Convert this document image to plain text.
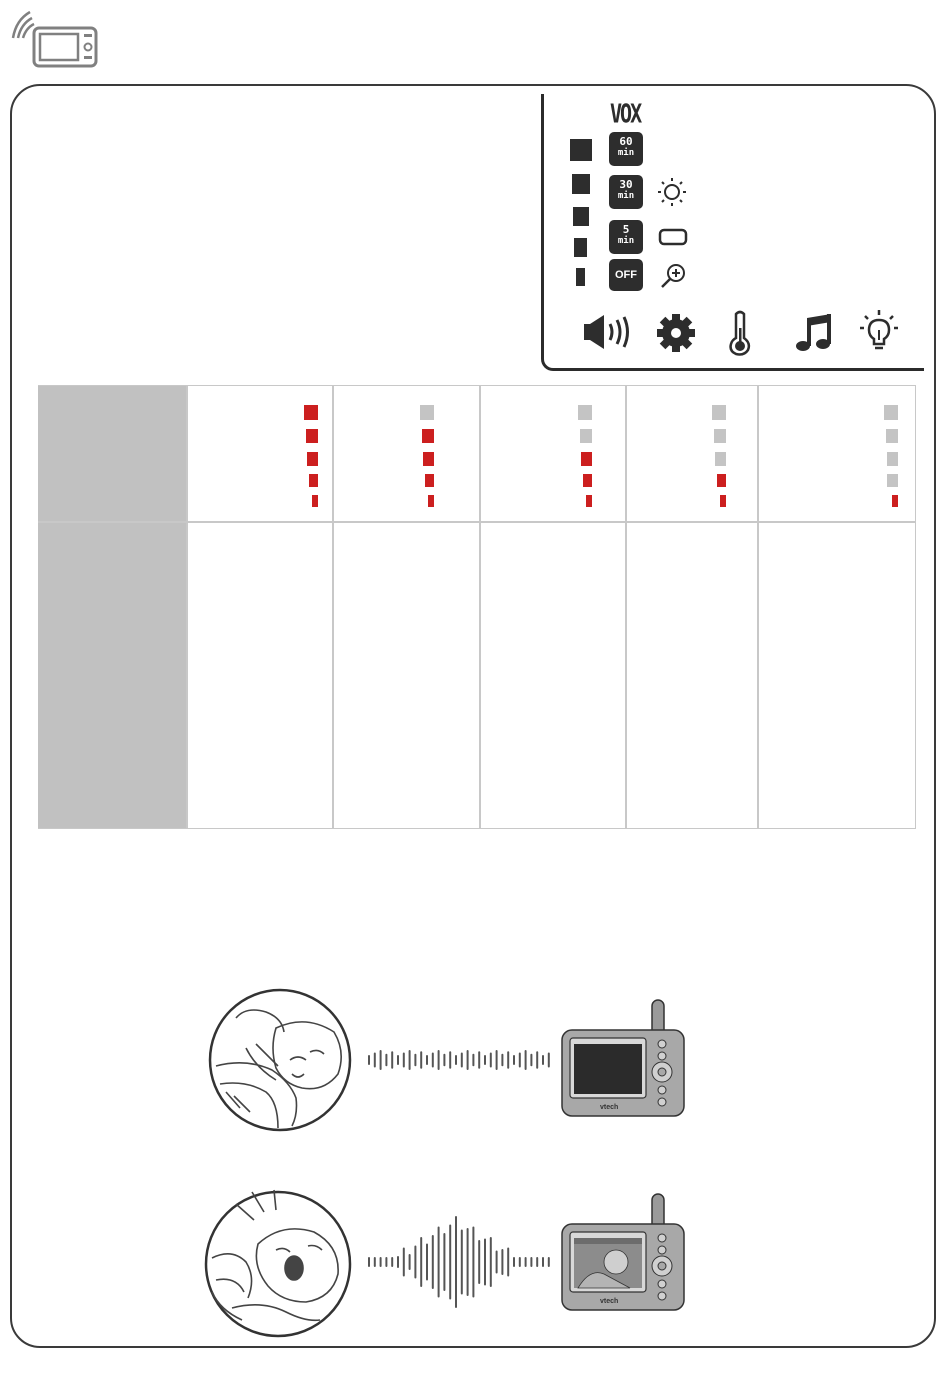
VOX
60
min
30
min
5
min
OFF
vtech
vtech
